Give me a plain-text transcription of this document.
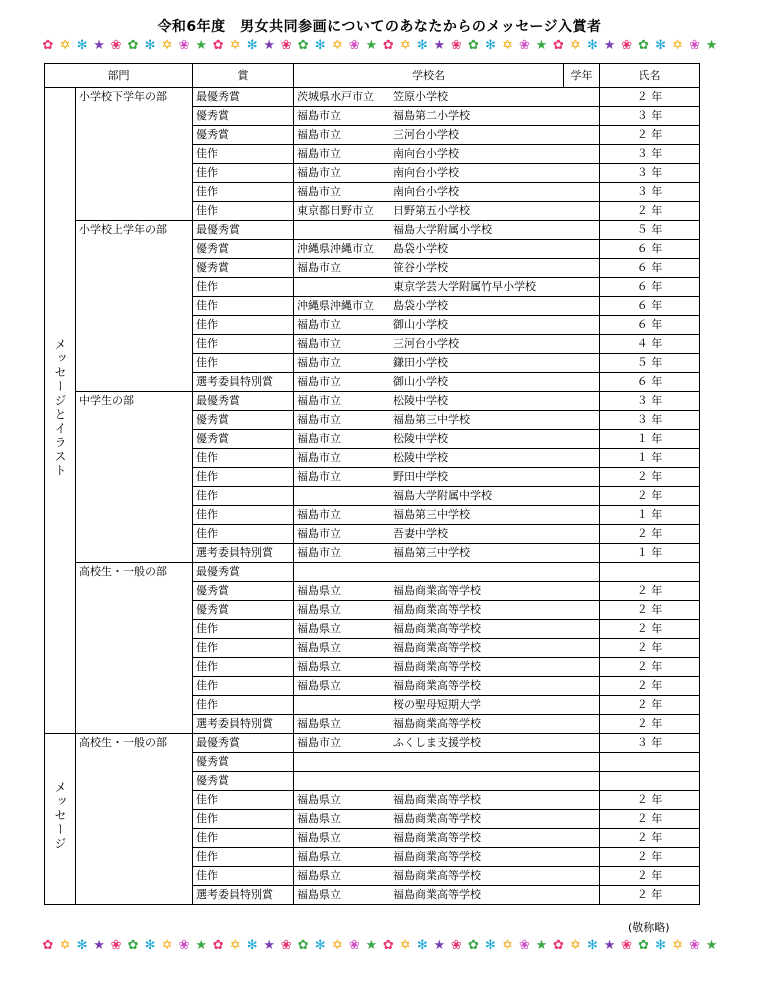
令和6年度　男女共同参画についてのあなたからのメッセージ入賞者
✿ ✡ ✻ ★ ❀ ✿ ✻ ✡ ❀ ★ ✿ ✡ ✻ ★ ❀ ✿ ✻ ✡ ❀ ★ ✿ ✡ ✻ ★ ❀ ✿ ✻ ✡ ❀ ★ ✿ ✡ ✻ ★ ❀ ✿ ✻ ✡ ❀ ★
部門		賞	学校名	学年	氏名	
メッセージとイラスト	小学校下学年の部	最優秀賞	茨城県水戸市立 笠原小学校		２ 年	
		優秀賞	福島市立 福島第二小学校		３ 年	
		優秀賞	福島市立 三河台小学校		２ 年	
		佳作	福島市立 南向台小学校		３ 年	
		佳作	福島市立 南向台小学校		３ 年	
		佳作	福島市立 南向台小学校		３ 年	
		佳作	東京都日野市立 日野第五小学校		２ 年	
	小学校上学年の部	最優秀賞	福島大学附属小学校		５ 年	
		優秀賞	沖縄県沖縄市立 島袋小学校		６ 年	
		優秀賞	福島市立 笹谷小学校		６ 年	
		佳作	東京学芸大学附属竹早小学校		６ 年	
		佳作	沖縄県沖縄市立 島袋小学校		６ 年	
		佳作	福島市立 御山小学校		６ 年	
		佳作	福島市立 三河台小学校		４ 年	
		佳作	福島市立 鎌田小学校		５ 年	
		選考委員特別賞	福島市立 御山小学校		６ 年	
	中学生の部	最優秀賞	福島市立 松陵中学校		３ 年	
		優秀賞	福島市立 福島第三中学校		３ 年	
		優秀賞	福島市立 松陵中学校		１ 年	
		佳作	福島市立 松陵中学校		１ 年	
		佳作	福島市立 野田中学校		２ 年	
		佳作	福島大学附属中学校		２ 年	
		佳作	福島市立 福島第三中学校		１ 年	
		佳作	福島市立 吾妻中学校		２ 年	
		選考委員特別賞	福島市立 福島第三中学校		１ 年	
	高校生・一般の部	最優秀賞			
		優秀賞	福島県立 福島商業高等学校		２ 年	
		優秀賞	福島県立 福島商業高等学校		２ 年	
		佳作	福島県立 福島商業高等学校		２ 年	
		佳作	福島県立 福島商業高等学校		２ 年	
		佳作	福島県立 福島商業高等学校		２ 年	
		佳作	福島県立 福島商業高等学校		２ 年	
		佳作	桜の聖母短期大学		２ 年	
		選考委員特別賞	福島県立 福島商業高等学校		２ 年	
メッセージ	高校生・一般の部	最優秀賞	福島市立 ふくしま支援学校		３ 年	
		優秀賞			
		優秀賞			
		佳作	福島県立 福島商業高等学校		２ 年	
		佳作	福島県立 福島商業高等学校		２ 年	
		佳作	福島県立 福島商業高等学校		２ 年	
		佳作	福島県立 福島商業高等学校		２ 年	
		佳作	福島県立 福島商業高等学校		２ 年	
		選考委員特別賞	福島県立 福島商業高等学校		２ 年	
(敬称略)
✿ ✡ ✻ ★ ❀ ✿ ✻ ✡ ❀ ★ ✿ ✡ ✻ ★ ❀ ✿ ✻ ✡ ❀ ★ ✿ ✡ ✻ ★ ❀ ✿ ✻ ✡ ❀ ★ ✿ ✡ ✻ ★ ❀ ✿ ✻ ✡ ❀ ★
